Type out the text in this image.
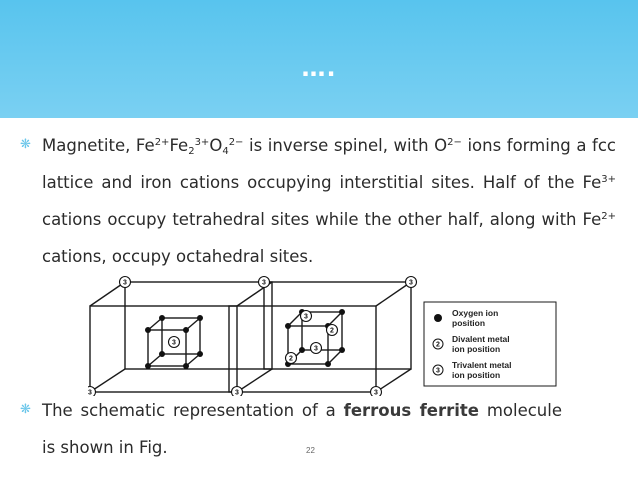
….
❋ Magnetite, $Fe^{2+}Fe_2^{3+}O_4^{2-}$ is inverse spinel, with $O^{2-}$ ions forming a fcc lattice and iron cations occupying interstitial sites. Half of the $Fe^{3+}$ cations occupy tetrahedral sites while the other half, along with $Fe^{2+}$ cations, occupy octahedral sites.
3
3
3
3
3	3
3
3
2
3
2
Oxygen ion
position
2
Divalent metal
ion position
3
Trivalent metal
ion position
❋ The schematic representation of a ferrous ferrite molecule is shown in Fig.	22
